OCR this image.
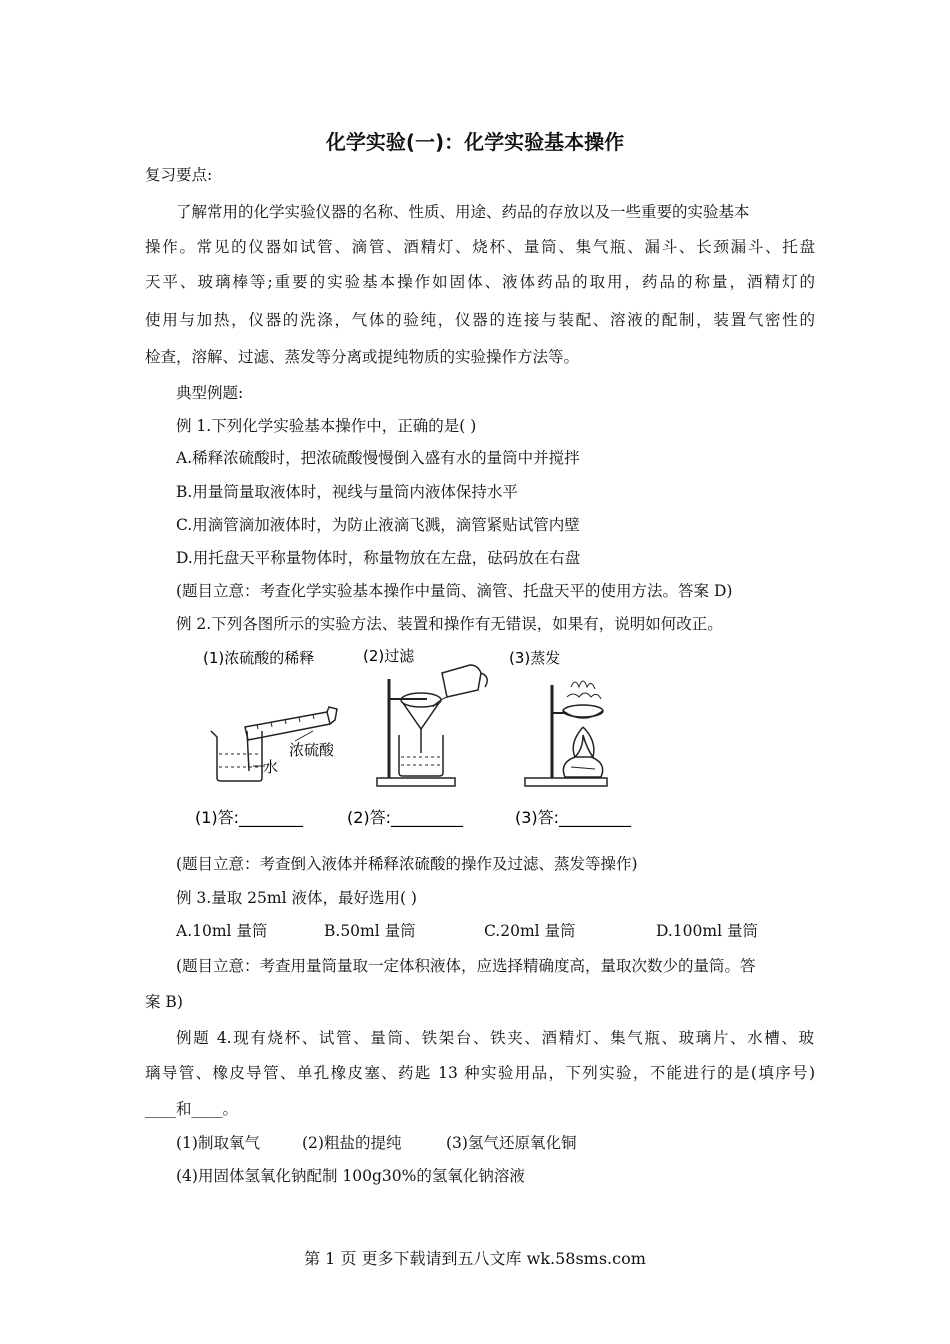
化学实验(一)：化学实验基本操作
复习要点:
了解常用的化学实验仪器的名称、性质、用途、药品的存放以及一些重要的实验基本
操作。常见的仪器如试管、滴管、酒精灯、烧杯、量筒、集气瓶、漏斗、长颈漏斗、托盘
天平、玻璃棒等;重要的实验基本操作如固体、液体药品的取用，药品的称量，酒精灯的
使用与加热，仪器的洗涤，气体的验纯，仪器的连接与装配、溶液的配制，装置气密性的
检查，溶解、过滤、蒸发等分离或提纯物质的实验操作方法等。
典型例题:
例 1.下列化学实验基本操作中，正确的是( )
A.稀释浓硫酸时，把浓硫酸慢慢倒入盛有水的量筒中并搅拌
B.用量筒量取液体时，视线与量筒内液体保持水平
C.用滴管滴加液体时，为防止液滴飞溅，滴管紧贴试管内壁
D.用托盘天平称量物体时，称量物放在左盘，砝码放在右盘
(题目立意：考查化学实验基本操作中量筒、滴管、托盘天平的使用方法。答案 D)
例 2.下列各图所示的实验方法、装置和操作有无错误，如果有，说明如何改正。
(1)浓硫酸的稀释	(2)过滤	(3)蒸发
水
浓硫酸
(1)答:________	(2)答:_________	(3)答:_________
(题目立意：考查倒入液体并稀释浓硫酸的操作及过滤、蒸发等操作)
例 3.量取 25ml 液体，最好选用( )
A.10ml 量筒	B.50ml 量筒	C.20ml 量筒	D.100ml 量筒
(题目立意：考查用量筒量取一定体积液体，应选择精确度高，量取次数少的量筒。答
案 B)
例题 4.现有烧杯、试管、量筒、铁架台、铁夹、酒精灯、集气瓶、玻璃片、水槽、玻
璃导管、橡皮导管、单孔橡皮塞、药匙 13 种实验用品，下列实验，不能进行的是(填序号)
____和____。
(1)制取氧气	(2)粗盐的提纯	(3)氢气还原氧化铜
(4)用固体氢氧化钠配制 100g30%的氢氧化钠溶液
第 1 页 更多下载请到五八文库 wk.58sms.com
